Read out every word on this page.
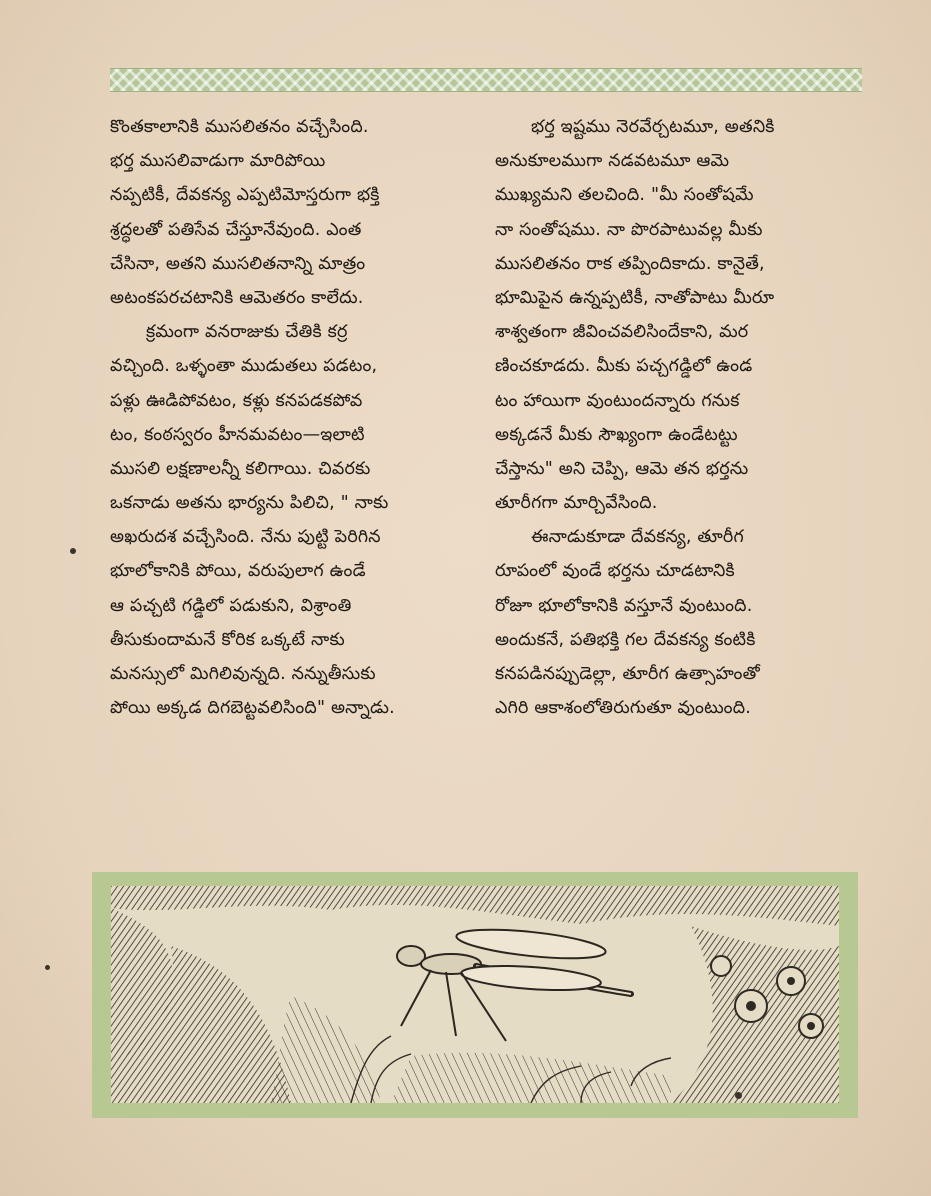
కొంతకాలానికి ముసలితనం వచ్చేసింది.
భర్త ముసలివాడుగా మారిపోయి
నప్పటికీ, దేవకన్య ఎప్పటిమోస్తరుగా భక్తి
శ్రద్ధలతో పతిసేవ చేస్తూనేవుంది. ఎంత
చేసినా, అతని ముసలితనాన్ని మాత్రం
అటంకపరచటానికి ఆమెతరం కాలేదు.
క్రమంగా వనరాజుకు చేతికి కర్ర
వచ్చింది. ఒళ్ళంతా ముడుతలు పడటం,
పళ్లు ఊడిపోవటం, కళ్లు కనపడకపోవ
టం, కంఠస్వరం హీనమవటం—ఇలాటి
ముసలి లక్షణాలన్నీ కలిగాయి. చివరకు
ఒకనాడు అతను భార్యను పిలిచి, " నాకు
అఖరుదశ వచ్చేసింది. నేను పుట్టి పెరిగిన
భూలోకానికి పోయి, వరుపులాగ ఉండే
ఆ పచ్చటి గడ్డిలో పడుకుని, విశ్రాంతి
తీసుకుందామనే కోరిక ఒక్కటే నాకు
మనస్సులో మిగిలివున్నది. నన్నుతీసుకు
పోయి అక్కడ దిగబెట్టవలిసింది" అన్నాడు.
భర్త ఇష్టము నెరవేర్చటమూ, అతనికి
అనుకూలముగా నడవటమూ ఆమె
ముఖ్యమని తలచింది. "మీ సంతోషమే
నా సంతోషము. నా పొరపాటువల్ల మీకు
ముసలితనం రాక తప్పిందికాదు. కానైతే,
భూమిపైన ఉన్నప్పటికీ, నాతోపాటు మీరూ
శాశ్వతంగా జీవించవలిసిందేకాని, మర
ణించకూడదు. మీకు పచ్చగడ్డిలో ఉండ
టం హాయిగా వుంటుందన్నారు గనుక
అక్కడనే మీకు సౌఖ్యంగా ఉండేటట్టు
చేస్తాను" అని చెప్పి, ఆమె తన భర్తను
తూరీగగా మార్చివేసింది.
ఈనాడుకూడా దేవకన్య, తూరీగ
రూపంలో వుండే భర్తను చూడటానికి
రోజూ భూలోకానికి వస్తూనే వుంటుంది.
అందుకనే, పతిభక్తి గల దేవకన్య కంటికి
కనపడినప్పుడెల్లా, తూరీగ ఉత్సాహంతో
ఎగిరి ఆకాశంలోతిరుగుతూ వుంటుంది.
